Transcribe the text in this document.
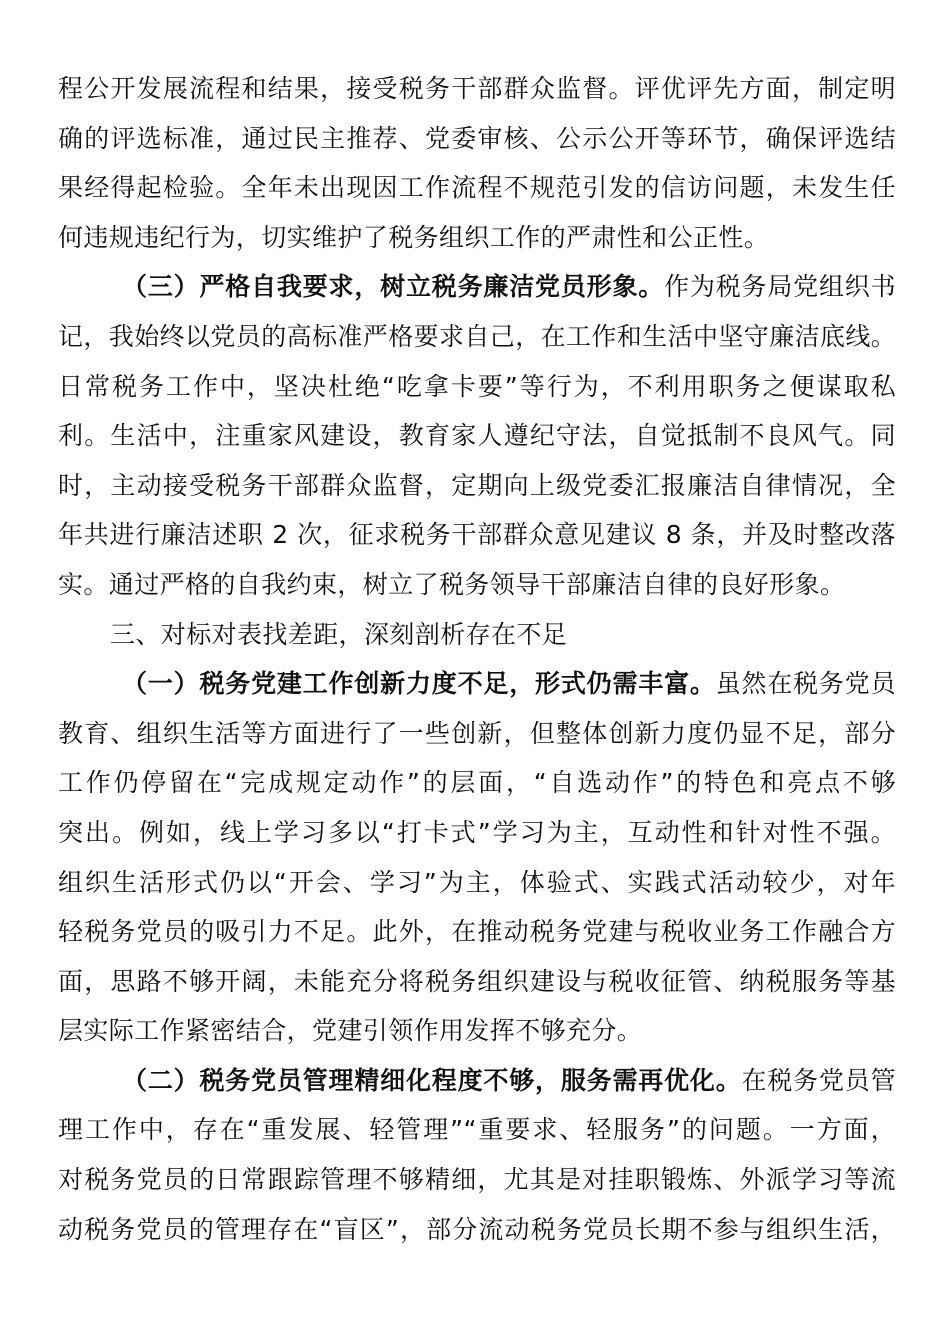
程公开发展流程和结果，接受税务干部群众监督。评优评先方面，制定明
确的评选标准，通过民主推荐、党委审核、公示公开等环节，确保评选结
果经得起检验。全年未出现因工作流程不规范引发的信访问题，未发生任
何违规违纪行为，切实维护了税务组织工作的严肃性和公正性。
（三）严格自我要求，树立税务廉洁党员形象。作为税务局党组织书
记，我始终以党员的高标准严格要求自己，在工作和生活中坚守廉洁底线。
日常税务工作中，坚决杜绝“吃拿卡要”等行为，不利用职务之便谋取私
利。生活中，注重家风建设，教育家人遵纪守法，自觉抵制不良风气。同
时，主动接受税务干部群众监督，定期向上级党委汇报廉洁自律情况，全
年共进行廉洁述职 2 次，征求税务干部群众意见建议 8 条，并及时整改落
实。通过严格的自我约束，树立了税务领导干部廉洁自律的良好形象。
三、对标对表找差距，深刻剖析存在不足
（一）税务党建工作创新力度不足，形式仍需丰富。虽然在税务党员
教育、组织生活等方面进行了一些创新，但整体创新力度仍显不足，部分
工作仍停留在“完成规定动作”的层面，“自选动作”的特色和亮点不够
突出。例如，线上学习多以“打卡式”学习为主，互动性和针对性不强。
组织生活形式仍以“开会、学习”为主，体验式、实践式活动较少，对年
轻税务党员的吸引力不足。此外，在推动税务党建与税收业务工作融合方
面，思路不够开阔，未能充分将税务组织建设与税收征管、纳税服务等基
层实际工作紧密结合，党建引领作用发挥不够充分。
（二）税务党员管理精细化程度不够，服务需再优化。在税务党员管
理工作中，存在“重发展、轻管理”“重要求、轻服务”的问题。一方面，
对税务党员的日常跟踪管理不够精细，尤其是对挂职锻炼、外派学习等流
动税务党员的管理存在“盲区”，部分流动税务党员长期不参与组织生活，
